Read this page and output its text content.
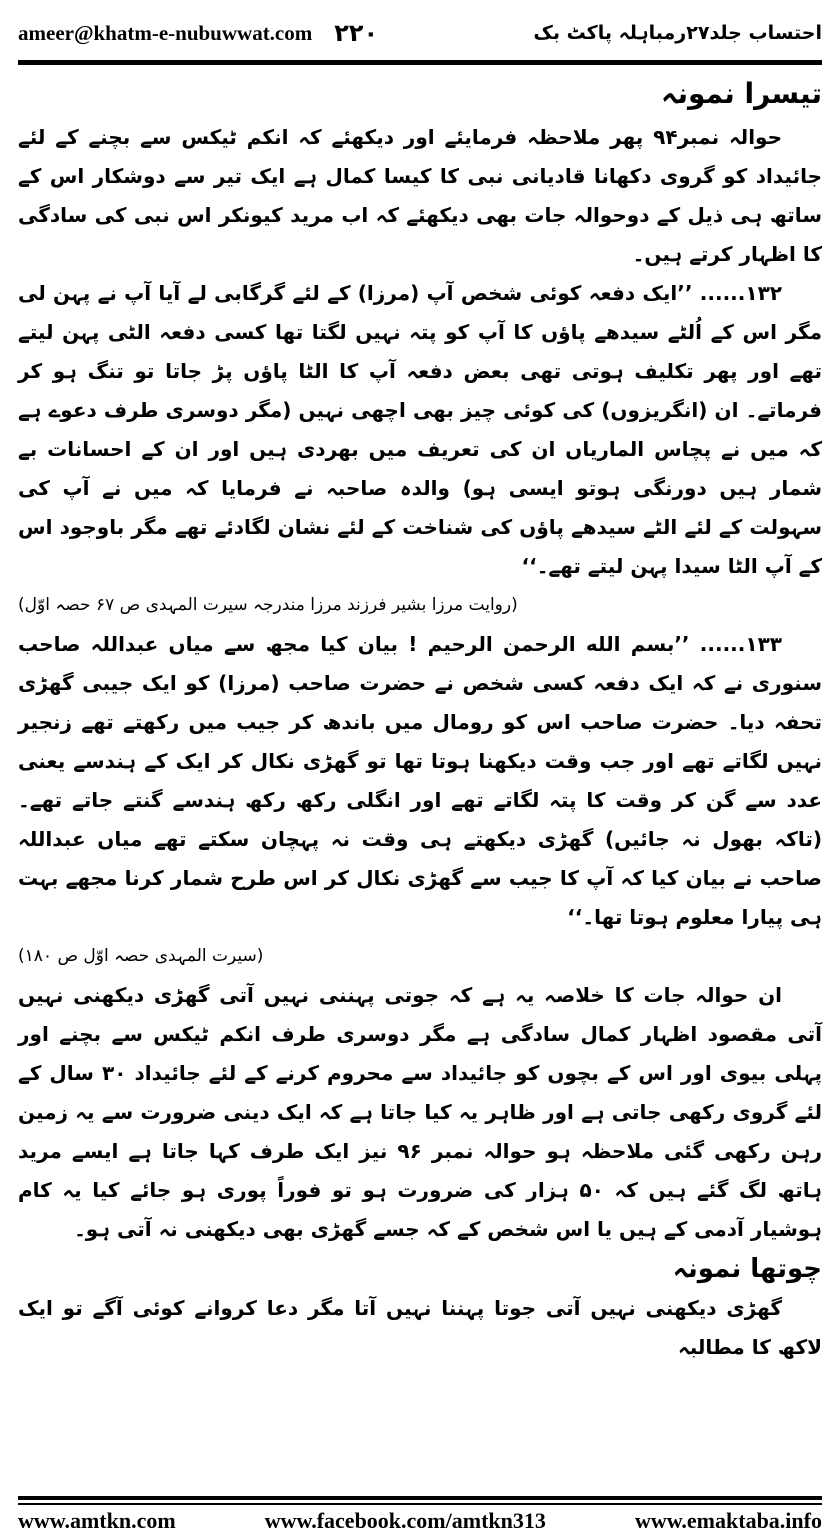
ameer@khatm-e-nubuwwat.com ۲۲۰	احتساب جلد۲۷رمباہلہ پاکٹ بک

تیسرا نمونہ

حوالہ نمبر۹۴ پھر ملاحظہ فرمایئے اور دیکھئے کہ انکم ٹیکس سے بچنے کے لئے جائیداد کو گروی دکھانا قادیانی نبی کا کیسا کمال ہے ایک تیر سے دوشکار اس کے ساتھ ہی ذیل کے دوحوالہ جات بھی دیکھئے کہ اب مرید کیونکر اس نبی کی سادگی کا اظہار کرتے ہیں۔

۱۳۲...... ’’ایک دفعہ کوئی شخص آپ (مرزا) کے لئے گرگابی لے آیا آپ نے پہن لی مگر اس کے اُلٹے سیدھے پاؤں کا آپ کو پتہ نہیں لگتا تھا کسی دفعہ الٹی پہن لیتے تھے اور پھر تکلیف ہوتی تھی بعض دفعہ آپ کا الٹا پاؤں پڑ جاتا تو تنگ ہو کر فرماتے۔ ان (انگریزوں) کی کوئی چیز بھی اچھی نہیں (مگر دوسری طرف دعوے ہے کہ میں نے پچاس الماریاں ان کی تعریف میں بھردی ہیں اور ان کے احسانات بے شمار ہیں دورنگی ہوتو ایسی ہو) والدہ صاحبہ نے فرمایا کہ میں نے آپ کی سہولت کے لئے الٹے سیدھے پاؤں کی شناخت کے لئے نشان لگادئے تھے مگر باوجود اس کے آپ الٹا سیدا پہن لیتے تھے۔‘‘

(روایت مرزا بشیر فرزند مرزا مندرجہ سیرت المہدی ص ۶۷ حصہ اوّل)

۱۳۳...... ’’بسم الله الرحمن الرحیم ! بیان کیا مجھ سے میاں عبداللہ صاحب سنوری نے کہ ایک دفعہ کسی شخص نے حضرت صاحب (مرزا) کو ایک جیبی گھڑی تحفہ دیا۔ حضرت صاحب اس کو رومال میں باندھ کر جیب میں رکھتے تھے زنجیر نہیں لگاتے تھے اور جب وقت دیکھنا ہوتا تھا تو گھڑی نکال کر ایک کے ہندسے یعنی عدد سے گن کر وقت کا پتہ لگاتے تھے اور انگلی رکھ رکھ ہندسے گنتے جاتے تھے۔ (تاکہ بھول نہ جائیں) گھڑی دیکھتے ہی وقت نہ پہچان سکتے تھے میاں عبداللہ صاحب نے بیان کیا کہ آپ کا جیب سے گھڑی نکال کر اس طرح شمار کرنا مجھے بہت ہی پیارا معلوم ہوتا تھا۔‘‘

(سیرت المہدی حصہ اوّل ص ۱۸۰)

ان حوالہ جات کا خلاصہ یہ ہے کہ جوتی پہننی نہیں آتی گھڑی دیکھنی نہیں آتی مقصود اظہار کمال سادگی ہے مگر دوسری طرف انکم ٹیکس سے بچنے اور پہلی بیوی اور اس کے بچوں کو جائیداد سے محروم کرنے کے لئے جائیداد ۳۰ سال کے لئے گروی رکھی جاتی ہے اور ظاہر یہ کیا جاتا ہے کہ ایک دینی ضرورت سے یہ زمین رہن رکھی گئی ملاحظہ ہو حوالہ نمبر ۹۶ نیز ایک طرف کہا جاتا ہے ایسے مرید ہاتھ لگ گئے ہیں کہ ۵۰ ہزار کی ضرورت ہو تو فوراً پوری ہو جائے کیا یہ کام ہوشیار آدمی کے ہیں یا اس شخص کے کہ جسے گھڑی بھی دیکھنی نہ آتی ہو۔

چوتھا نمونہ

گھڑی دیکھنی نہیں آتی جوتا پہننا نہیں آتا مگر دعا کروانے کوئی آگے تو ایک لاکھ کا مطالبہ

www.amtkn.com	www.facebook.com/amtkn313	www.emaktaba.info
